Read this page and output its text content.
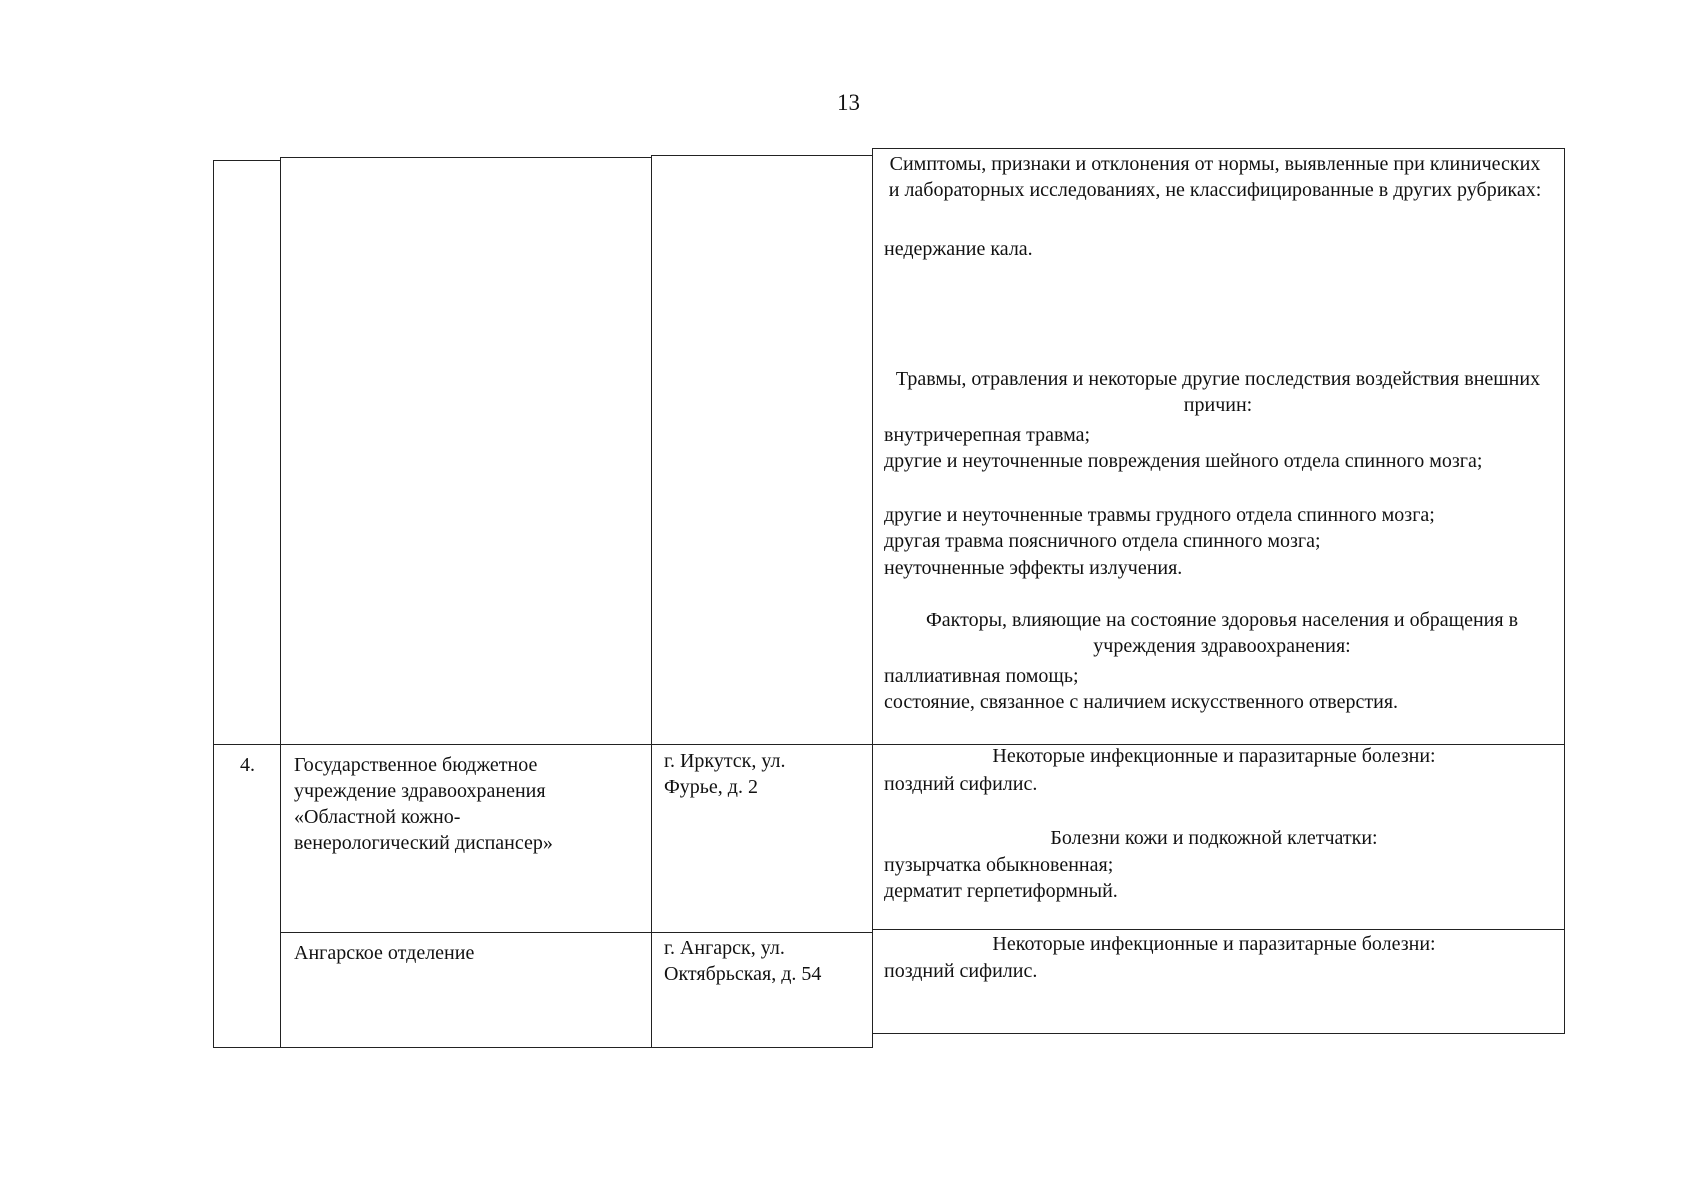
13
Симптомы, признаки и отклонения от нормы, выявленные при клинических и лабораторных исследованиях, не классифицированные в других рубриках:
недержание кала.
Травмы, отравления и некоторые другие последствия воздействия внешних причин:
внутричерепная травма;
другие и неуточненные повреждения шейного отдела спинного мозга;
другие и неуточненные травмы грудного отдела спинного мозга;
другая травма поясничного отдела спинного мозга;
неуточненные эффекты излучения.
Факторы, влияющие на состояние здоровья населения и обращения в учреждения здравоохранения:
паллиативная помощь;
состояние, связанное с наличием искусственного отверстия.
4. Государственное бюджетное учреждение здравоохранения «Областной кожно-венерологический диспансер»
г. Иркутск, ул. Фурье, д. 2
Некоторые инфекционные и паразитарные болезни:
поздний сифилис.
Болезни кожи и подкожной клетчатки:
пузырчатка обыкновенная;
дерматит герпетиформный.
Ангарское отделение	г. Ангарск, ул. Октябрьская, д. 54
Некоторые инфекционные и паразитарные болезни:
поздний сифилис.
